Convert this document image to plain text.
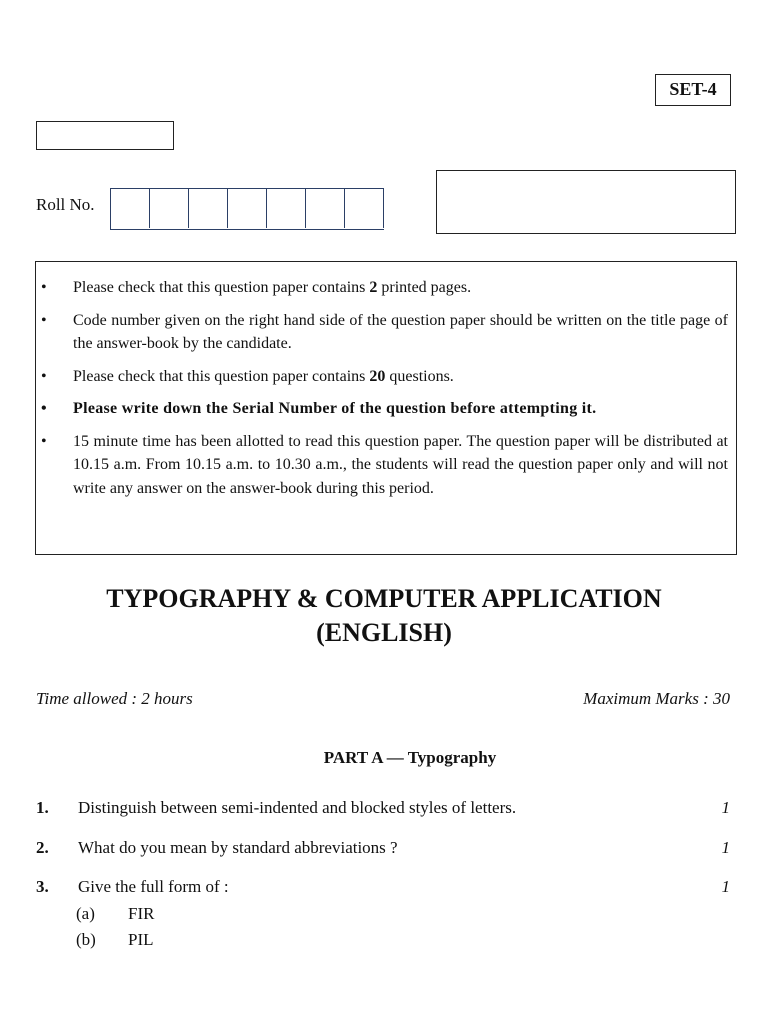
SET-4
Roll No.
• Please check that this question paper contains 2 printed pages.
• Code number given on the right hand side of the question paper should be written on the title page of the answer-book by the candidate.
• Please check that this question paper contains 20 questions.
• Please write down the Serial Number of the question before attempting it.
• 15 minute time has been allotted to read this question paper. The question paper will be distributed at 10.15 a.m. From 10.15 a.m. to 10.30 a.m., the students will read the question paper only and will not write any answer on the answer-book during this period.
TYPOGRAPHY & COMPUTER APPLICATION
(ENGLISH)
Time allowed : 2 hours	Maximum Marks : 30
PART A — Typography
1. Distinguish between semi-indented and blocked styles of letters.	1
2. What do you mean by standard abbreviations ?	1
3. Give the full form of :	1
(a) FIR
(b) PIL
